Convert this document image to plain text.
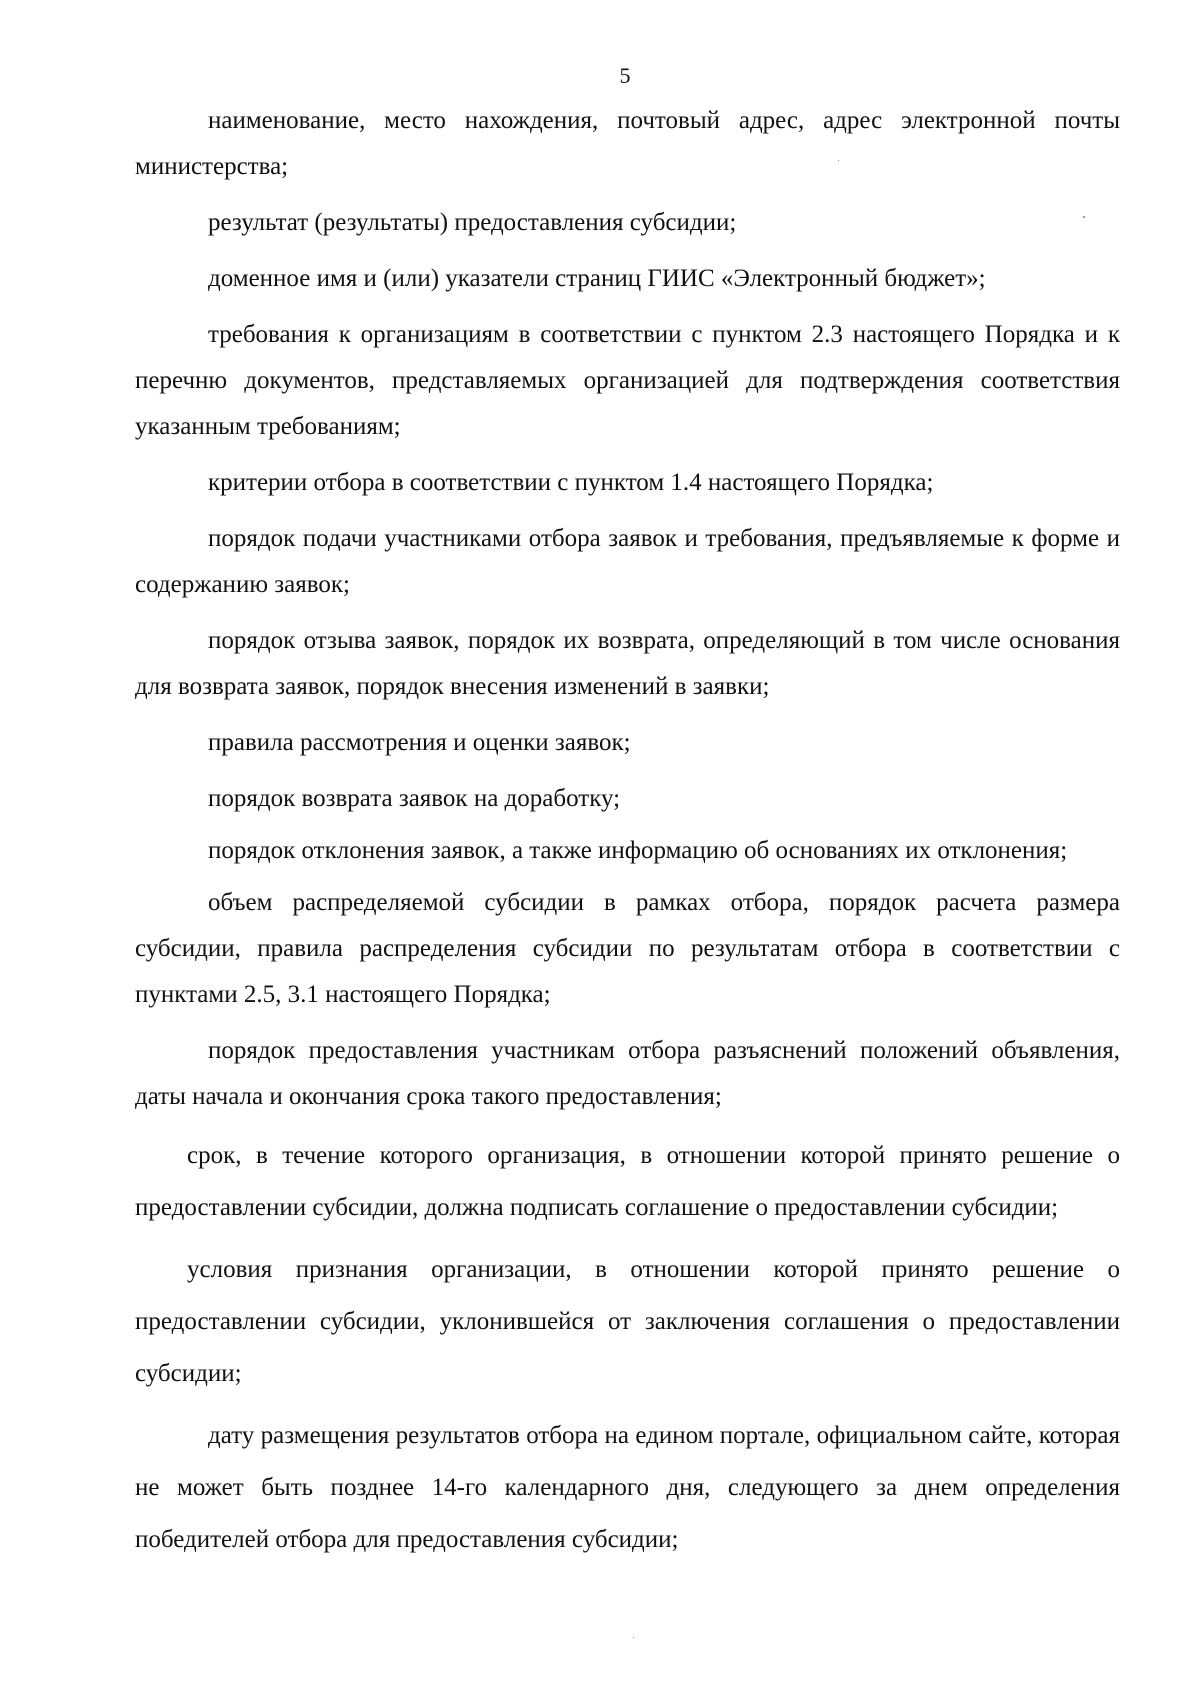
5

наименование, место нахождения, почтовый адрес, адрес электронной почты министерства;

результат (результаты) предоставления субсидии;

доменное имя и (или) указатели страниц ГИИС «Электронный бюджет»;

требования к организациям в соответствии с пунктом 2.3 настоящего Порядка и к перечню документов, представляемых организацией для подтверждения соответствия указанным требованиям;

критерии отбора в соответствии с пунктом 1.4 настоящего Порядка;

порядок подачи участниками отбора заявок и требования, предъявляемые к форме и содержанию заявок;

порядок отзыва заявок, порядок их возврата, определяющий в том числе основания для возврата заявок, порядок внесения изменений в заявки;

правила рассмотрения и оценки заявок;

порядок возврата заявок на доработку;

порядок отклонения заявок, а также информацию об основаниях их отклонения;

объем распределяемой субсидии в рамках отбора, порядок расчета размера субсидии, правила распределения субсидии по результатам отбора в соответствии с пунктами 2.5, 3.1 настоящего Порядка;

порядок предоставления участникам отбора разъяснений положений объявления, даты начала и окончания срока такого предоставления;

срок, в течение которого организация, в отношении которой принято решение о предоставлении субсидии, должна подписать соглашение о предоставлении субсидии;

условия признания организации, в отношении которой принято решение о предоставлении субсидии, уклонившейся от заключения соглашения о предоставлении субсидии;

дату размещения результатов отбора на едином портале, официальном сайте, которая не может быть позднее 14-го календарного дня, следующего за днем определения победителей отбора для предоставления субсидии;
